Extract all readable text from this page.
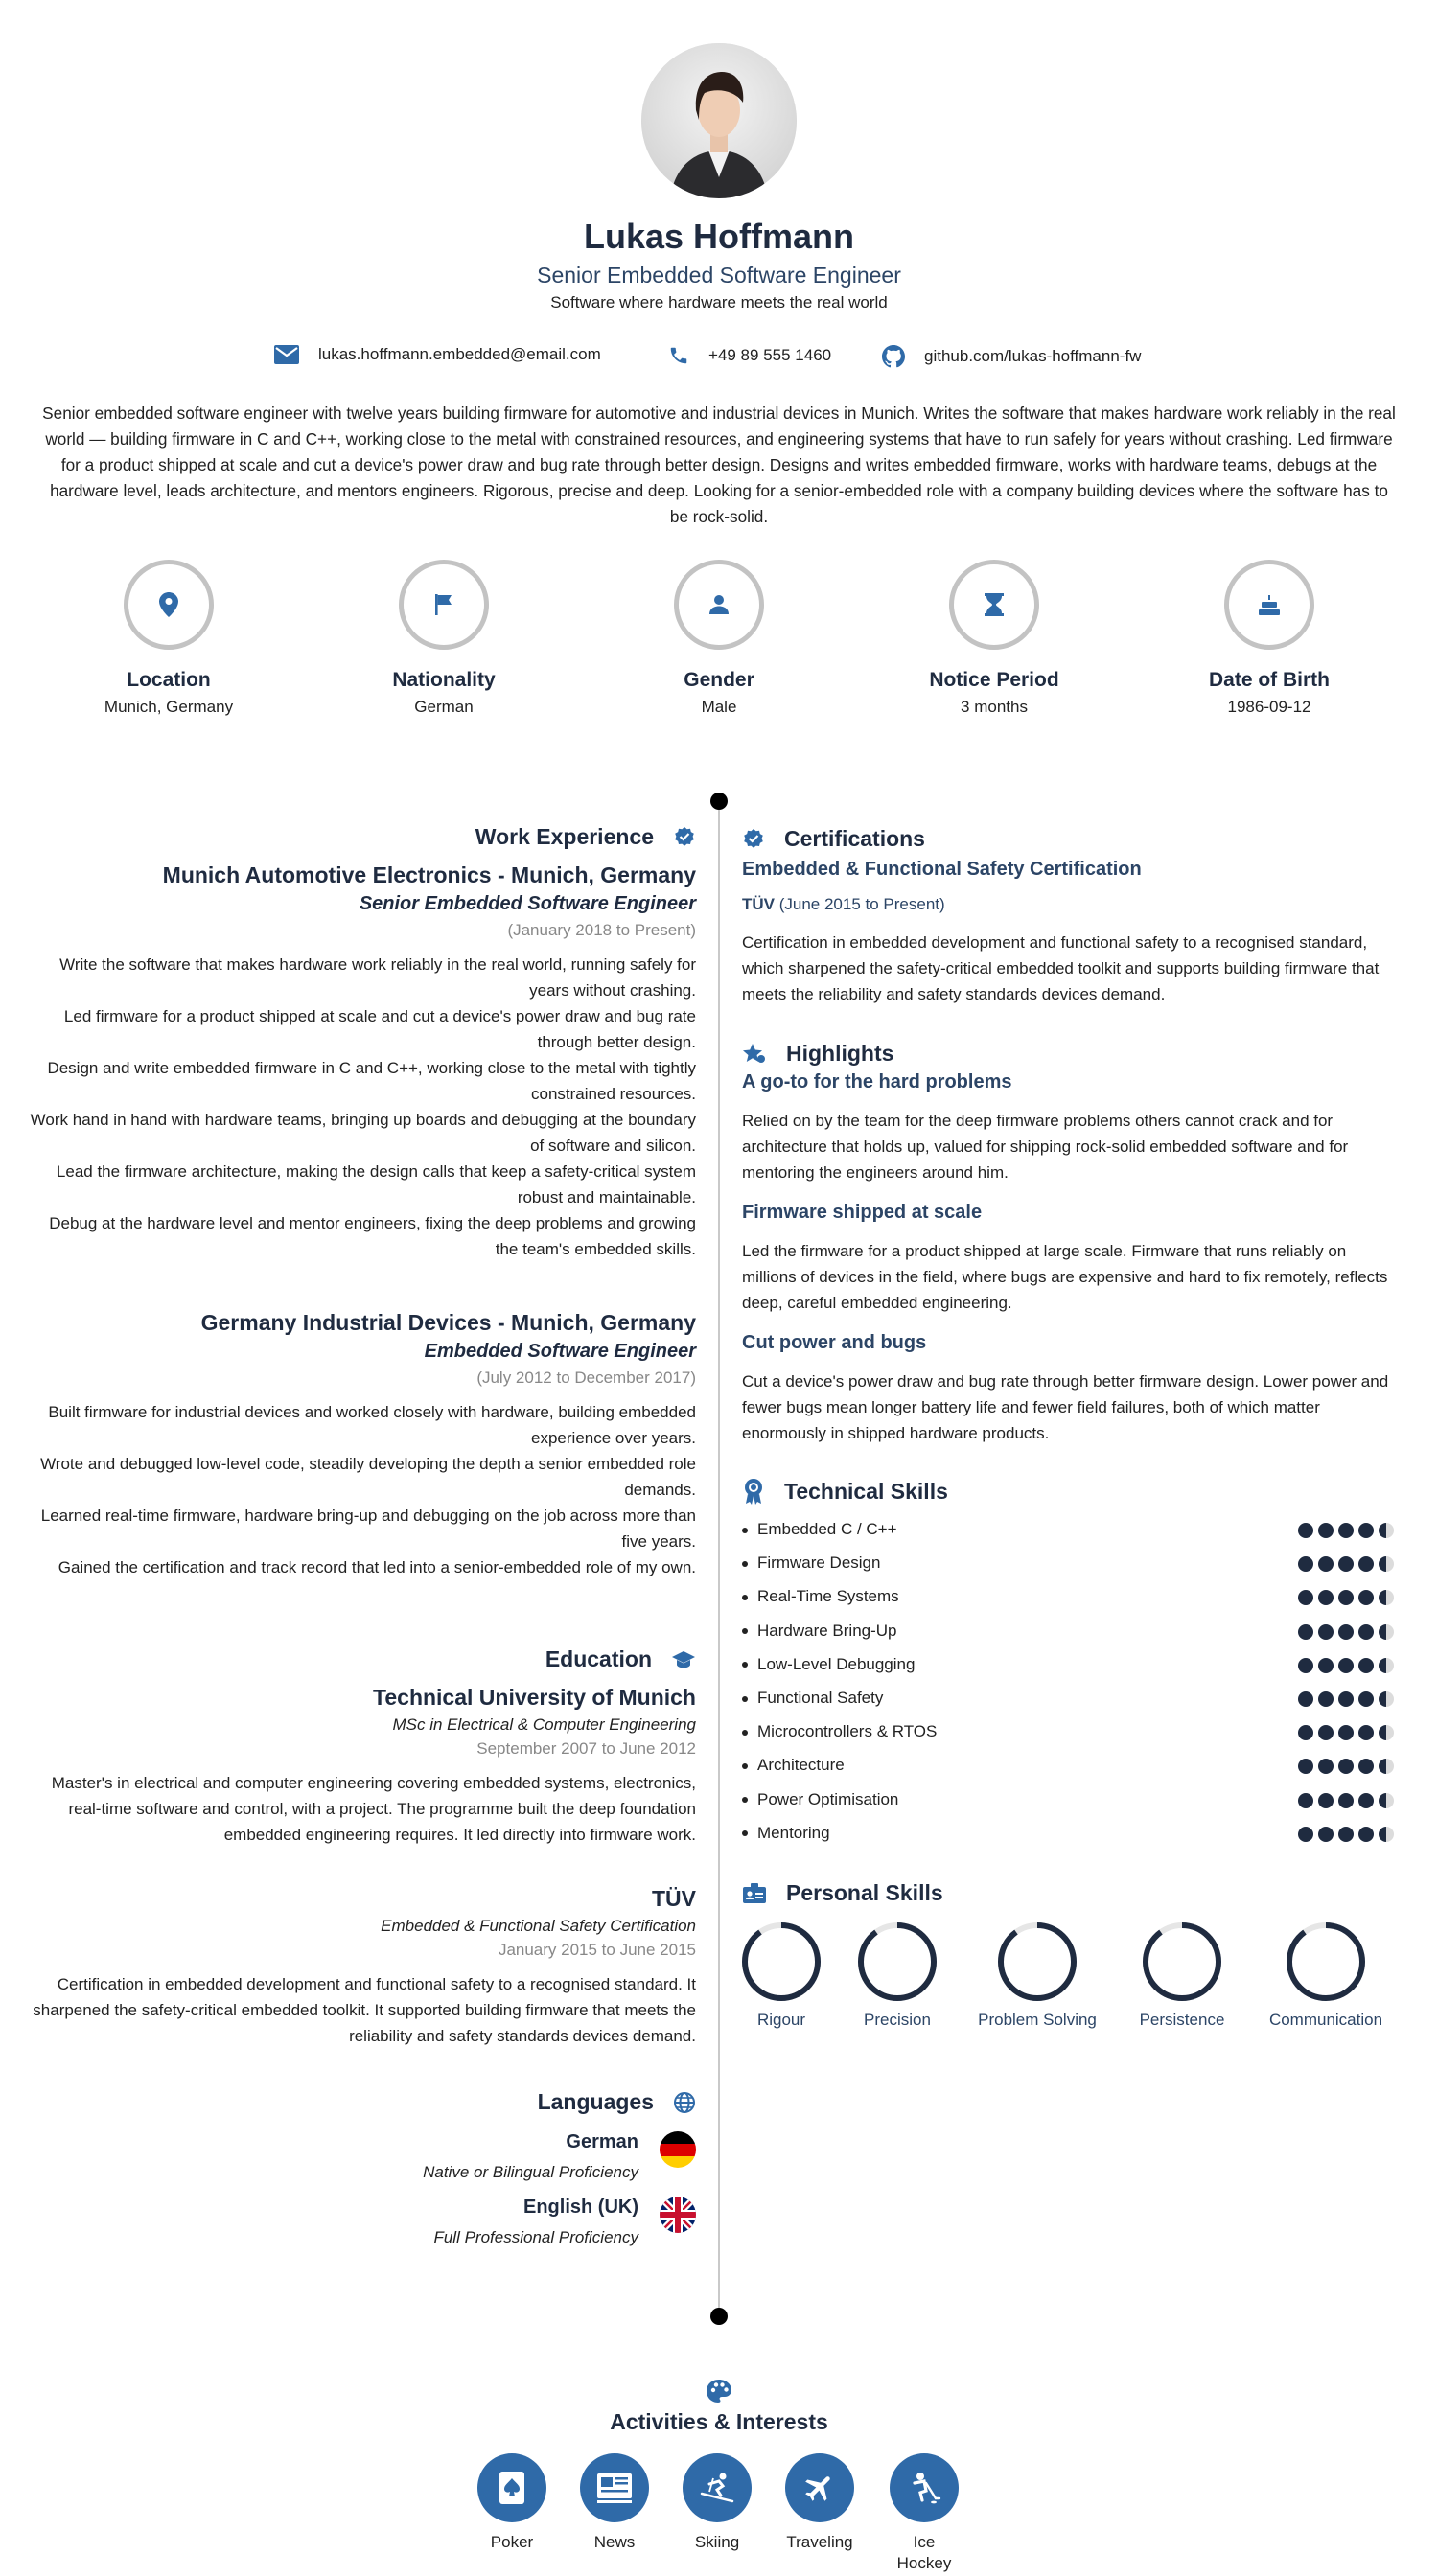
Lukas Hoffmann
Senior Embedded Software Engineer
Software where hardware meets the real world
lukas.hoffmann.embedded@email.com	+49 89 555 1460	github.com/lukas-hoffmann-fw
Senior embedded software engineer with twelve years building firmware for automotive and industrial devices in Munich. Writes the software that makes hardware work reliably in the real world — building firmware in C and C++, working close to the metal with constrained resources, and engineering systems that have to run safely for years without crashing. Led firmware for a product shipped at scale and cut a device's power draw and bug rate through better design. Designs and writes embedded firmware, works with hardware teams, debugs at the hardware level, leads architecture, and mentors engineers. Rigorous, precise and deep. Looking for a senior-embedded role with a company building devices where the software has to be rock-solid.
Location
Munich, Germany
Nationality
German
Gender
Male
Notice Period
3 months
Date of Birth
1986-09-12
Work Experience
Munich Automotive Electronics - Munich, Germany
Senior Embedded Software Engineer
(January 2018 to Present)
Write the software that makes hardware work reliably in the real world, running safely for years without crashing.
Led firmware for a product shipped at scale and cut a device's power draw and bug rate through better design.
Design and write embedded firmware in C and C++, working close to the metal with tightly constrained resources.
Work hand in hand with hardware teams, bringing up boards and debugging at the boundary of software and silicon.
Lead the firmware architecture, making the design calls that keep a safety-critical system robust and maintainable.
Debug at the hardware level and mentor engineers, fixing the deep problems and growing the team's embedded skills.
Germany Industrial Devices - Munich, Germany
Embedded Software Engineer
(July 2012 to December 2017)
Built firmware for industrial devices and worked closely with hardware, building embedded experience over years.
Wrote and debugged low-level code, steadily developing the depth a senior embedded role demands.
Learned real-time firmware, hardware bring-up and debugging on the job across more than five years.
Gained the certification and track record that led into a senior-embedded role of my own.
Education
Technical University of Munich
MSc in Electrical & Computer Engineering
September 2007 to June 2012
Master's in electrical and computer engineering covering embedded systems, electronics, real-time software and control, with a project. The programme built the deep foundation embedded engineering requires. It led directly into firmware work.
TÜV
Embedded & Functional Safety Certification
January 2015 to June 2015
Certification in embedded development and functional safety to a recognised standard. It sharpened the safety-critical embedded toolkit. It supported building firmware that meets the reliability and safety standards devices demand.
Languages
German
Native or Bilingual Proficiency
English (UK)
Full Professional Proficiency
Certifications
Embedded & Functional Safety Certification
TÜV (June 2015 to Present)
Certification in embedded development and functional safety to a recognised standard, which sharpened the safety-critical embedded toolkit and supports building firmware that meets the reliability and safety standards devices demand.
Highlights
A go-to for the hard problems
Relied on by the team for the deep firmware problems others cannot crack and for architecture that holds up, valued for shipping rock-solid embedded software and for mentoring the engineers around him.
Firmware shipped at scale
Led the firmware for a product shipped at large scale. Firmware that runs reliably on millions of devices in the field, where bugs are expensive and hard to fix remotely, reflects deep, careful embedded engineering.
Cut power and bugs
Cut a device's power draw and bug rate through better firmware design. Lower power and fewer bugs mean longer battery life and fewer field failures, both of which matter enormously in shipped hardware products.
Technical Skills
Embedded C / C++
Firmware Design
Real-Time Systems
Hardware Bring-Up
Low-Level Debugging
Functional Safety
Microcontrollers & RTOS
Architecture
Power Optimisation
Mentoring
Personal Skills
Rigour	Precision	Problem Solving	Persistence	Communication
Activities & Interests
Poker	News	Skiing	Traveling	Ice Hockey
